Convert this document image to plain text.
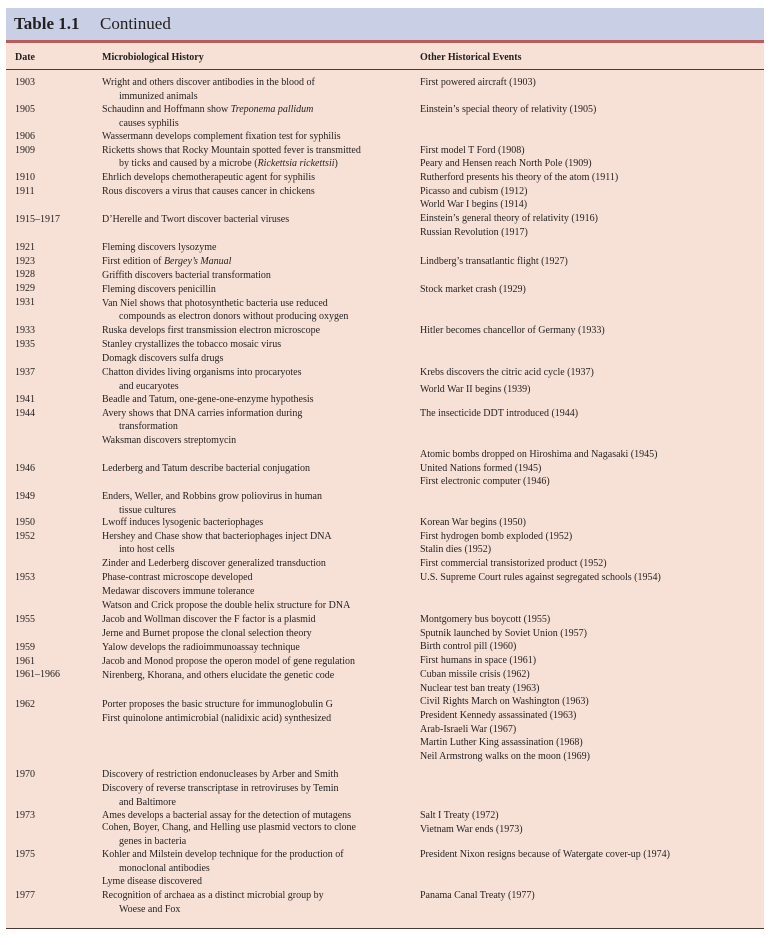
Table 1.1 Continued
Date	Microbiological History	Other Historical Events
1903
1905
1906
1909
1910
1911
1915–1917
1921
1923
1928
1929
1931
1933
1935
1937
1941
1944
1946
1949
1950
1952
1953
1955
1959
1961
1961–1966
1962
1970
1973
1975
1977
Wright and others discover antibodies in the blood of
immunized animals
Schaudinn and Hoffmann show Treponema pallidum
causes syphilis
Wassermann develops complement fixation test for syphilis
Ricketts shows that Rocky Mountain spotted fever is transmitted
by ticks and caused by a microbe (Rickettsia rickettsii)
Ehrlich develops chemotherapeutic agent for syphilis
Rous discovers a virus that causes cancer in chickens
D’Herelle and Twort discover bacterial viruses
Fleming discovers lysozyme
First edition of Bergey’s Manual
Griffith discovers bacterial transformation
Fleming discovers penicillin
Van Niel shows that photosynthetic bacteria use reduced
compounds as electron donors without producing oxygen
Ruska develops first transmission electron microscope
Stanley crystallizes the tobacco mosaic virus
Domagk discovers sulfa drugs
Chatton divides living organisms into procaryotes
and eucaryotes
Beadle and Tatum, one-gene-one-enzyme hypothesis
Avery shows that DNA carries information during
transformation
Waksman discovers streptomycin
Lederberg and Tatum describe bacterial conjugation
Enders, Weller, and Robbins grow poliovirus in human
tissue cultures
Lwoff induces lysogenic bacteriophages
Hershey and Chase show that bacteriophages inject DNA
into host cells
Zinder and Lederberg discover generalized transduction
Phase-contrast microscope developed
Medawar discovers immune tolerance
Watson and Crick propose the double helix structure for DNA
Jacob and Wollman discover the F factor is a plasmid
Jerne and Burnet propose the clonal selection theory
Yalow develops the radioimmunoassay technique
Jacob and Monod propose the operon model of gene regulation
Nirenberg, Khorana, and others elucidate the genetic code
Porter proposes the basic structure for immunoglobulin G
First quinolone antimicrobial (nalidixic acid) synthesized
Discovery of restriction endonucleases by Arber and Smith
Discovery of reverse transcriptase in retroviruses by Temin
and Baltimore
Ames develops a bacterial assay for the detection of mutagens
Cohen, Boyer, Chang, and Helling use plasmid vectors to clone
genes in bacteria
Kohler and Milstein develop technique for the production of
monoclonal antibodies
Lyme disease discovered
Recognition of archaea as a distinct microbial group by
Woese and Fox
First powered aircraft (1903)
Einstein’s special theory of relativity (1905)
First model T Ford (1908)
Peary and Hensen reach North Pole (1909)
Rutherford presents his theory of the atom (1911)
Picasso and cubism (1912)
World War I begins (1914)
Einstein’s general theory of relativity (1916)
Russian Revolution (1917)
Lindberg’s transatlantic flight (1927)
Stock market crash (1929)
Hitler becomes chancellor of Germany (1933)
Krebs discovers the citric acid cycle (1937)
World War II begins (1939)
The insecticide DDT introduced (1944)
Atomic bombs dropped on Hiroshima and Nagasaki (1945)
United Nations formed (1945)
First electronic computer (1946)
Korean War begins (1950)
First hydrogen bomb exploded (1952)
Stalin dies (1952)
First commercial transistorized product (1952)
U.S. Supreme Court rules against segregated schools (1954)
Montgomery bus boycott (1955)
Sputnik launched by Soviet Union (1957)
Birth control pill (1960)
First humans in space (1961)
Cuban missile crisis (1962)
Nuclear test ban treaty (1963)
Civil Rights March on Washington (1963)
President Kennedy assassinated (1963)
Arab-Israeli War (1967)
Martin Luther King assassination (1968)
Neil Armstrong walks on the moon (1969)
Salt I Treaty (1972)
Vietnam War ends (1973)
President Nixon resigns because of Watergate cover-up (1974)
Panama Canal Treaty (1977)
